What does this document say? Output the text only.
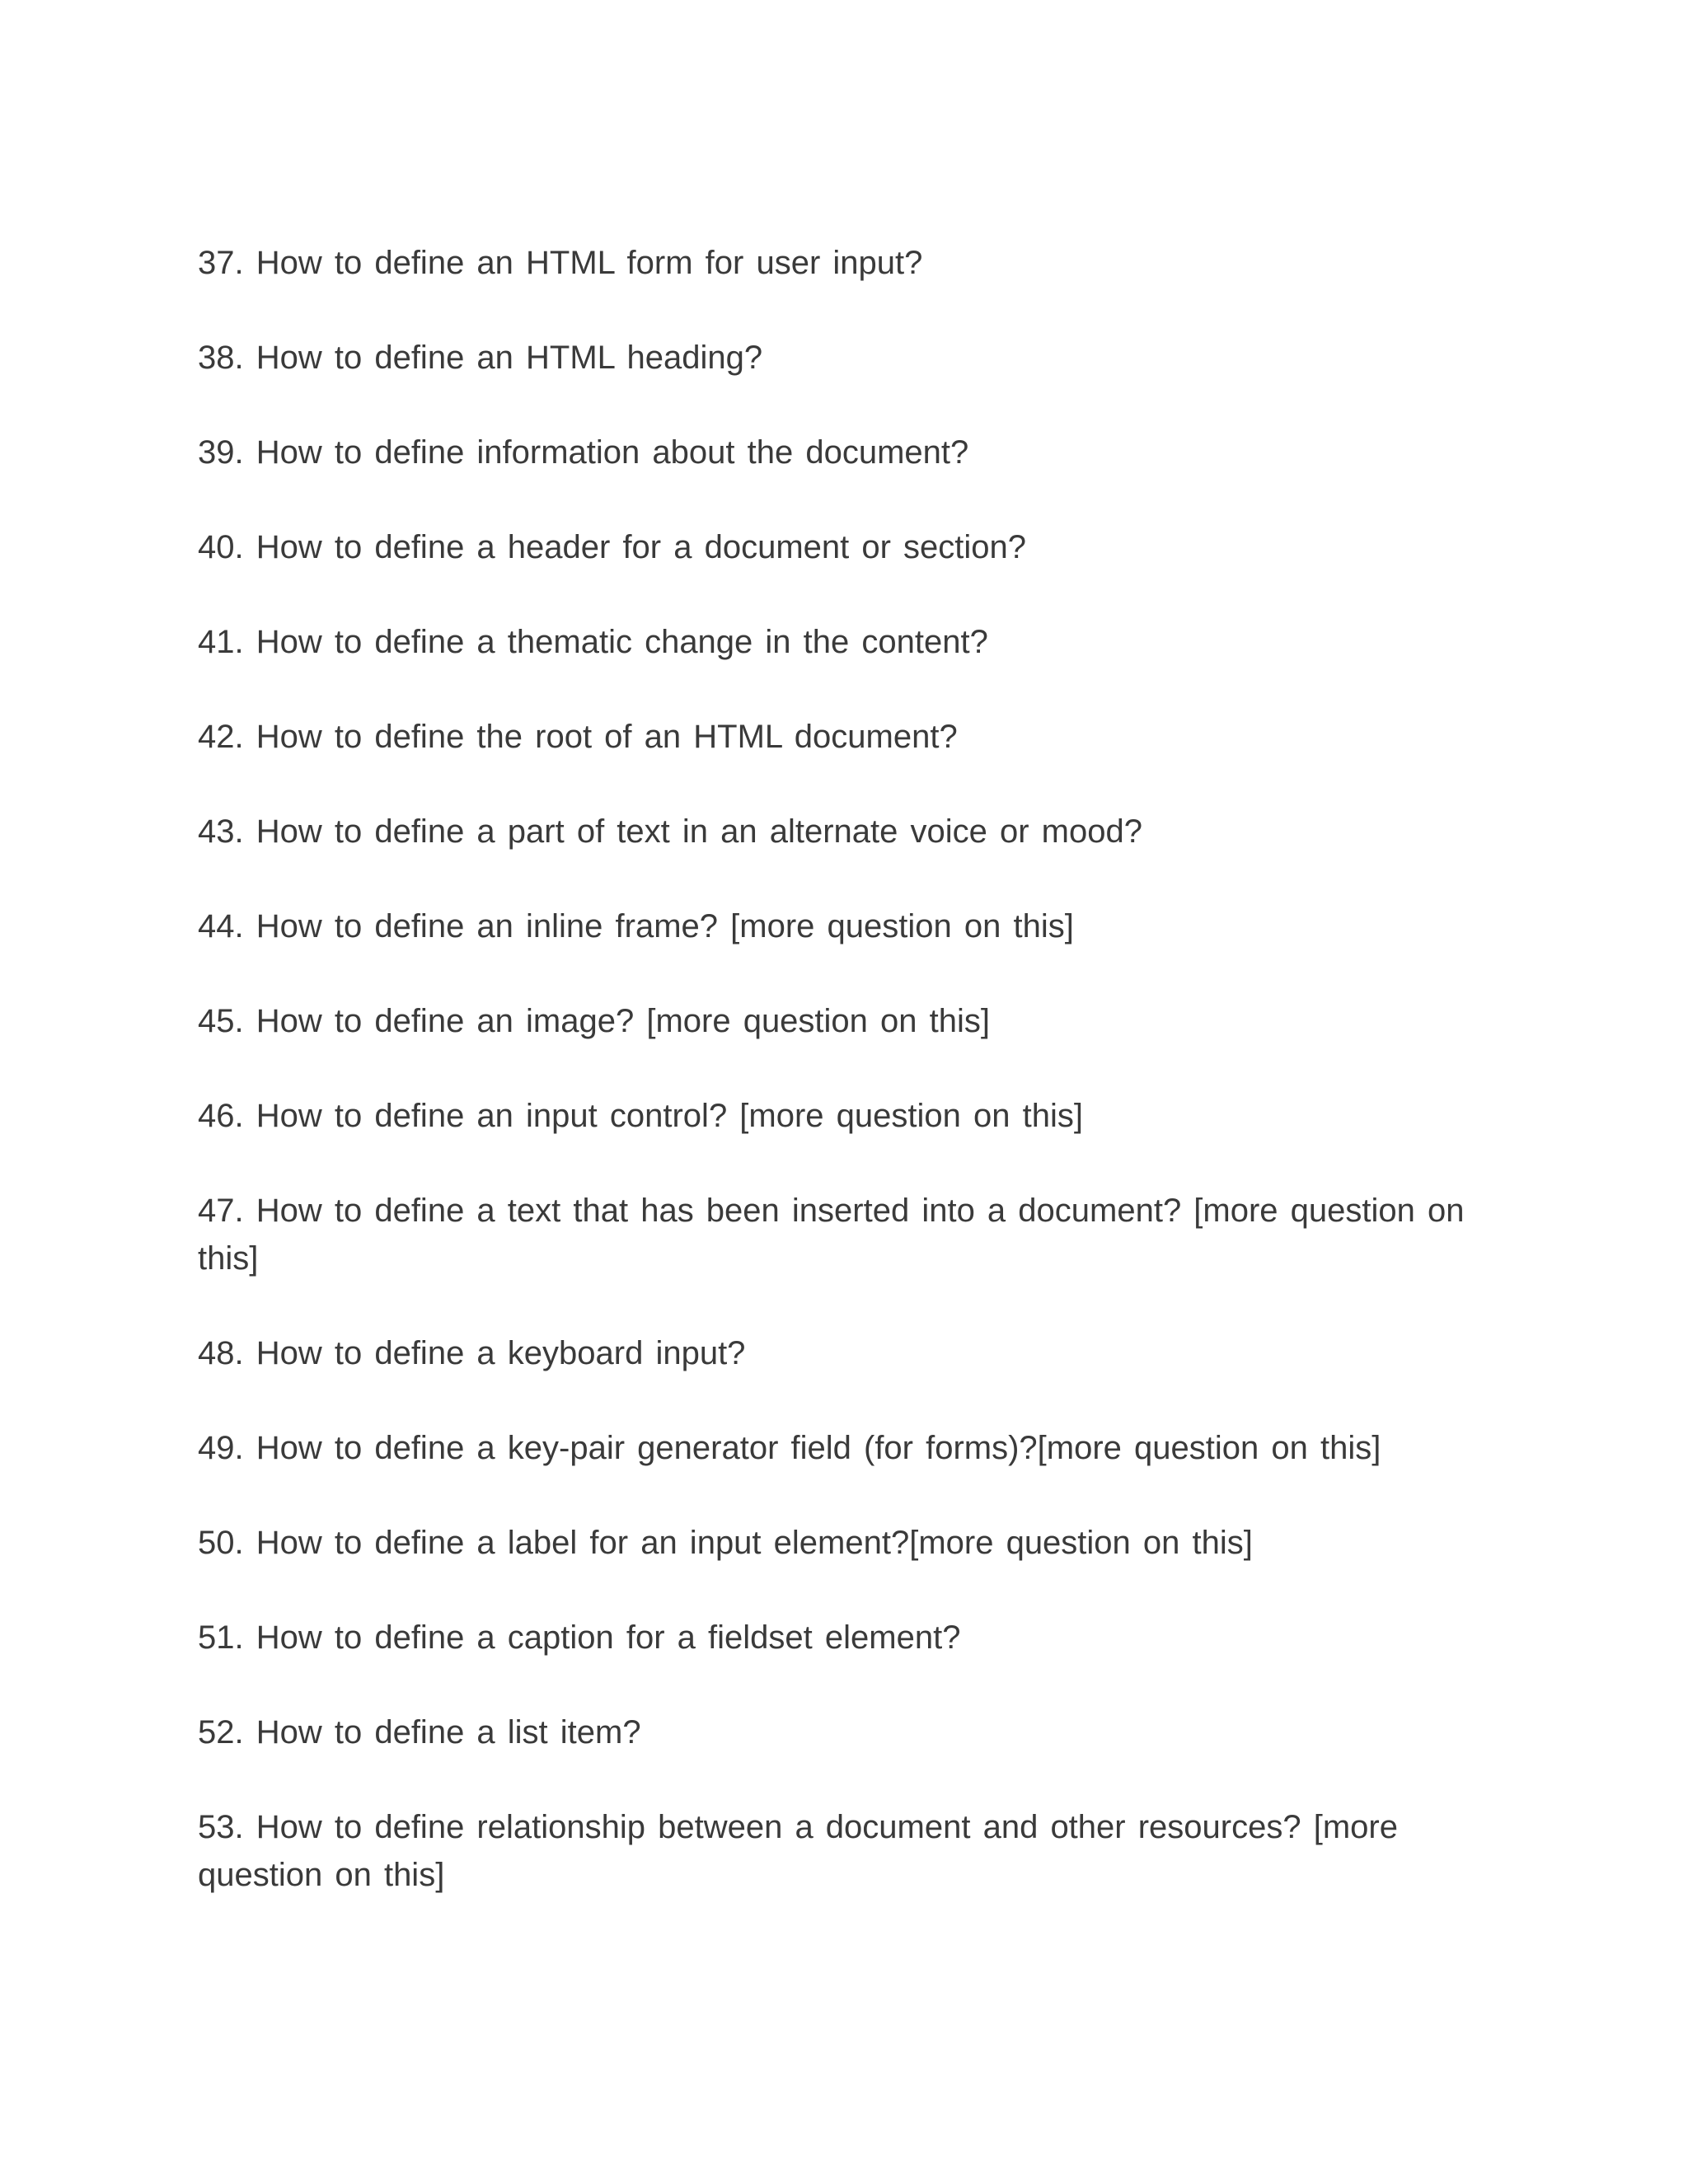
37. How to define an HTML form for user input?
38. How to define an HTML heading?
39. How to define information about the document?
40. How to define a header for a document or section?
41. How to define a thematic change in the content?
42. How to define the root of an HTML document?
43. How to define a part of text in an alternate voice or mood?
44. How to define an inline frame? [more question on this]
45. How to define an image? [more question on this]
46. How to define an input control? [more question on this]
47. How to define a text that has been inserted into a document? [more question on this]
48. How to define a keyboard input?
49. How to define a key-pair generator field (for forms)?[more question on this]
50. How to define a label for an input element?[more question on this]
51. How to define a caption for a fieldset element?
52. How to define a list item?
53. How to define relationship between a document and other resources? [more question on this]
